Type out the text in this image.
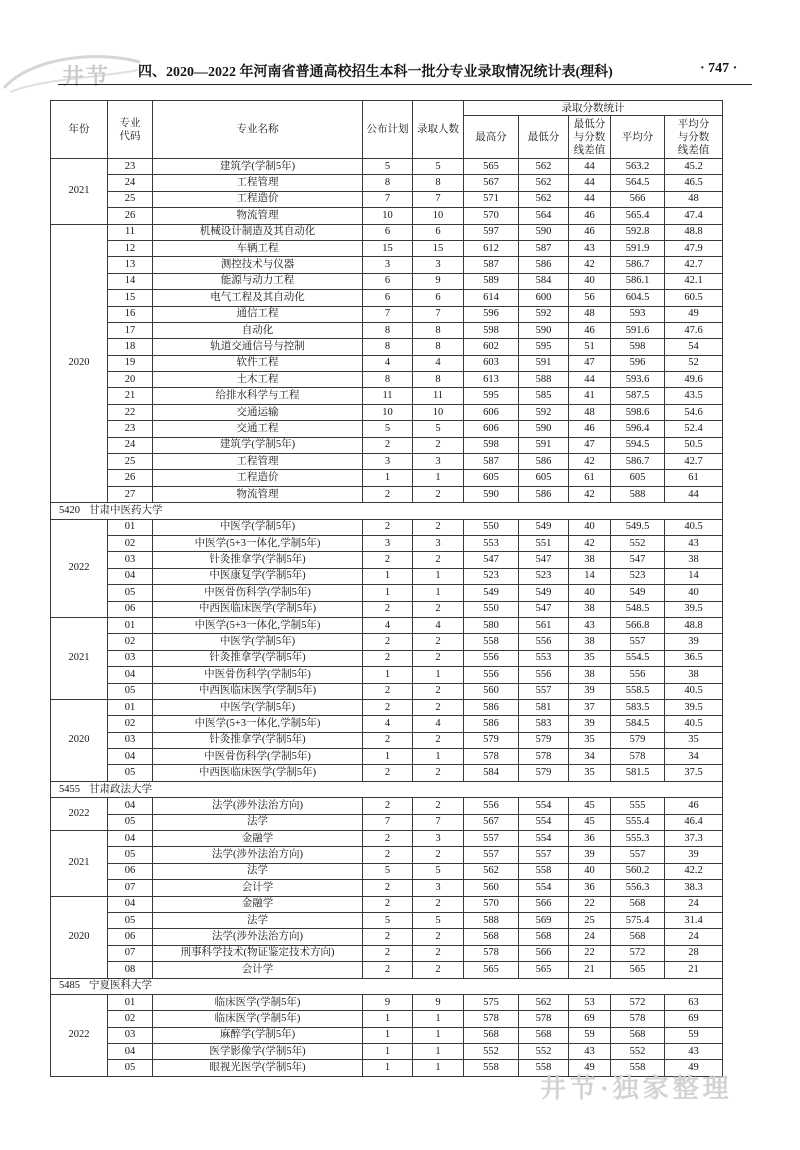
井节 四、2020—2022 年河南省普通高校招生本科一批分专业录取情况统计表(理科)	· 747 ·
年份	专业代码	专业名称	公布计划	录取人数	录取分数统计				
					最高分	最低分	最低分与分数线差值	平均分	平均分与分数线差值
2021	23	建筑学(学制5年)	5	5	565	562	44	563.2	45.2
	24	工程管理	8	8	567	562	44	564.5	46.5
	25	工程造价	7	7	571	562	44	566	48
	26	物流管理	10	10	570	564	46	565.4	47.4
2020	11	机械设计制造及其自动化	6	6	597	590	46	592.8	48.8
	12	车辆工程	15	15	612	587	43	591.9	47.9
	13	测控技术与仪器	3	3	587	586	42	586.7	42.7
	14	能源与动力工程	6	9	589	584	40	586.1	42.1
	15	电气工程及其自动化	6	6	614	600	56	604.5	60.5
	16	通信工程	7	7	596	592	48	593	49
	17	自动化	8	8	598	590	46	591.6	47.6
	18	轨道交通信号与控制	8	8	602	595	51	598	54
	19	软件工程	4	4	603	591	47	596	52
	20	土木工程	8	8	613	588	44	593.6	49.6
	21	给排水科学与工程	11	11	595	585	41	587.5	43.5
	22	交通运输	10	10	606	592	48	598.6	54.6
	23	交通工程	5	5	606	590	46	596.4	52.4
	24	建筑学(学制5年)	2	2	598	591	47	594.5	50.5
	25	工程管理	3	3	587	586	42	586.7	42.7
	26	工程造价	1	1	605	605	61	605	61
	27	物流管理	2	2	590	586	42	588	44
5420 甘肃中医药大学									
2022	01	中医学(学制5年)	2	2	550	549	40	549.5	40.5
	02	中医学(5+3一体化,学制5年)	3	3	553	551	42	552	43
	03	针灸推拿学(学制5年)	2	2	547	547	38	547	38
	04	中医康复学(学制5年)	1	1	523	523	14	523	14
	05	中医骨伤科学(学制5年)	1	1	549	549	40	549	40
	06	中西医临床医学(学制5年)	2	2	550	547	38	548.5	39.5
2021	01	中医学(5+3一体化,学制5年)	4	4	580	561	43	566.8	48.8
	02	中医学(学制5年)	2	2	558	556	38	557	39
	03	针灸推拿学(学制5年)	2	2	556	553	35	554.5	36.5
	04	中医骨伤科学(学制5年)	1	1	556	556	38	556	38
	05	中西医临床医学(学制5年)	2	2	560	557	39	558.5	40.5
2020	01	中医学(学制5年)	2	2	586	581	37	583.5	39.5
	02	中医学(5+3一体化,学制5年)	4	4	586	583	39	584.5	40.5
	03	针灸推拿学(学制5年)	2	2	579	579	35	579	35
	04	中医骨伤科学(学制5年)	1	1	578	578	34	578	34
	05	中西医临床医学(学制5年)	2	2	584	579	35	581.5	37.5
5455 甘肃政法大学									
2022	04	法学(涉外法治方向)	2	2	556	554	45	555	46
	05	法学	7	7	567	554	45	555.4	46.4
2021	04	金融学	2	3	557	554	36	555.3	37.3
	05	法学(涉外法治方向)	2	2	557	557	39	557	39
	06	法学	5	5	562	558	40	560.2	42.2
	07	会计学	2	3	560	554	36	556.3	38.3
2020	04	金融学	2	2	570	566	22	568	24
	05	法学	5	5	588	569	25	575.4	31.4
	06	法学(涉外法治方向)	2	2	568	568	24	568	24
	07	刑事科学技术(物证鉴定技术方向)	2	2	578	566	22	572	28
	08	会计学	2	2	565	565	21	565	21
5485 宁夏医科大学									
2022	01	临床医学(学制5年)	9	9	575	562	53	572	63
	02	临床医学(学制5年)	1	1	578	578	69	578	69
	03	麻醉学(学制5年)	1	1	568	568	59	568	59
	04	医学影像学(学制5年)	1	1	552	552	43	552	43
	05	眼视光医学(学制5年)	1	1	558	558	49	558	49
井节·独家整理
